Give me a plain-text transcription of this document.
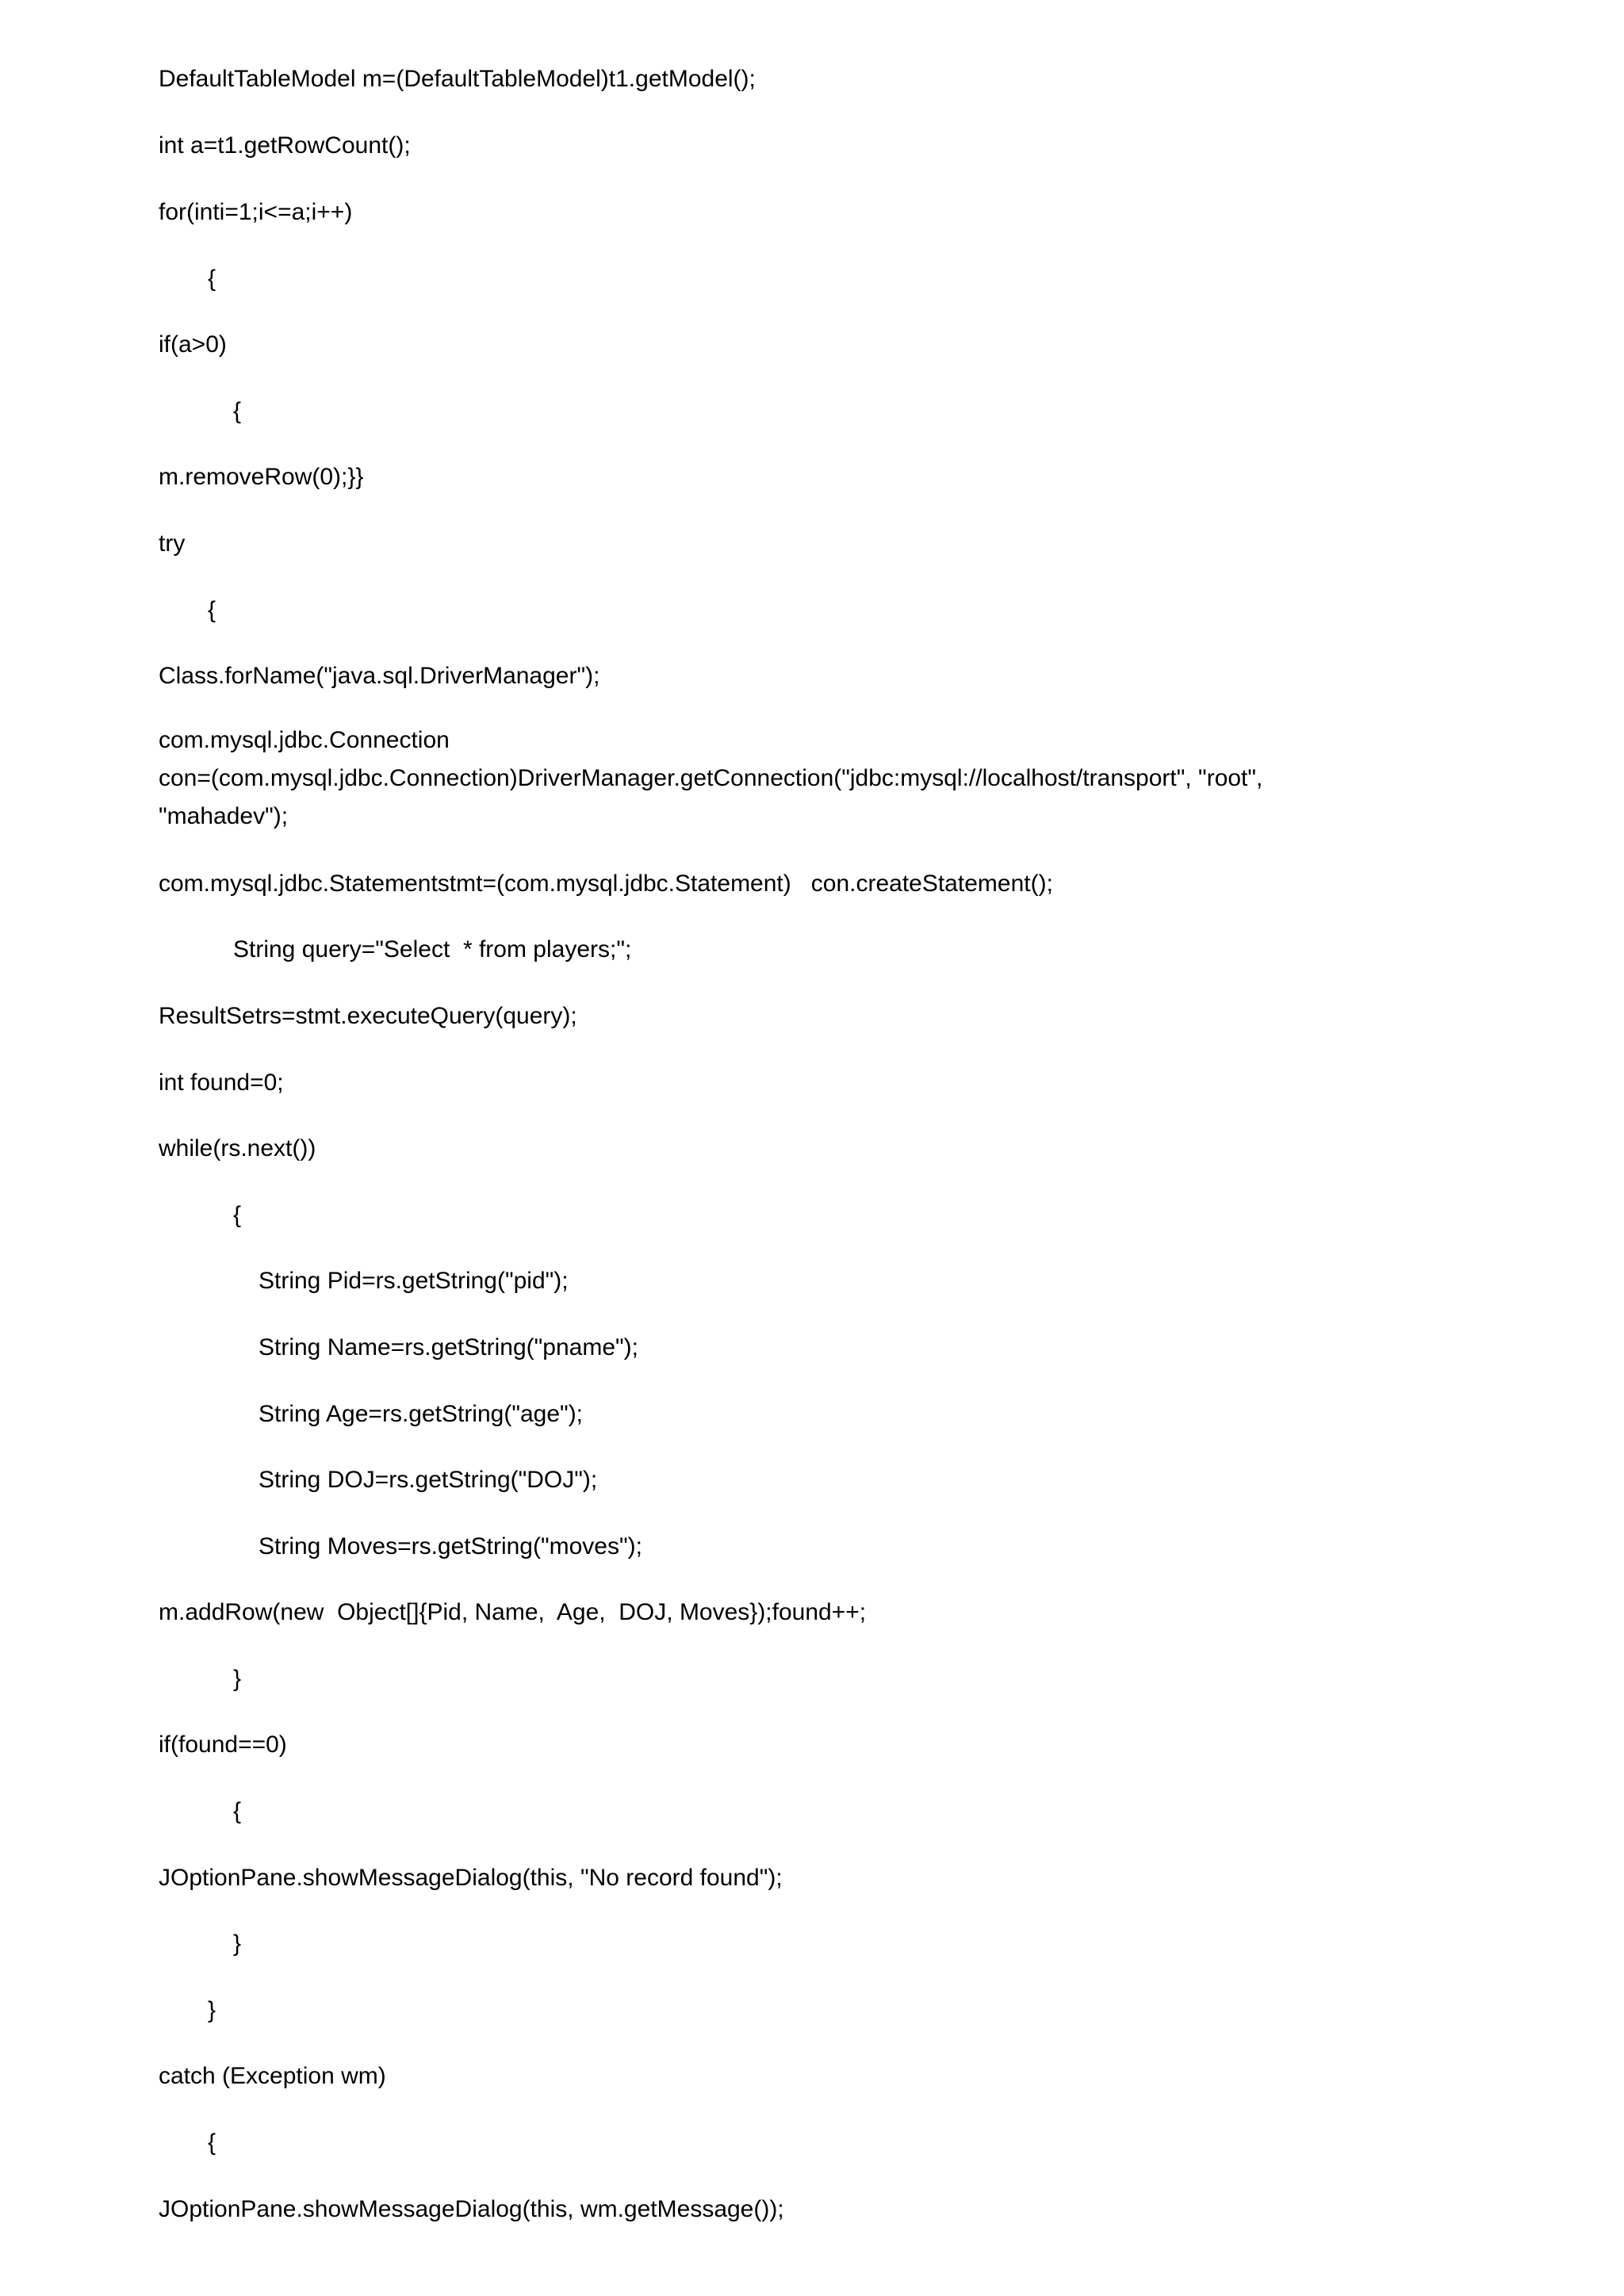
DefaultTableModel m=(DefaultTableModel)t1.getModel();

int a=t1.getRowCount();

for(inti=1;i<=a;i++)

{

if(a>0)

{

m.removeRow(0);}}

try

{

Class.forName("java.sql.DriverManager");

com.mysql.jdbc.Connection

con=(com.mysql.jdbc.Connection)DriverManager.getConnection("jdbc:mysql://localhost/transport", "root",

"mahadev");

com.mysql.jdbc.Statementstmt=(com.mysql.jdbc.Statement)   con.createStatement();

String query="Select  * from players;";

ResultSetrs=stmt.executeQuery(query);

int found=0;

while(rs.next())

{

String Pid=rs.getString("pid");

String Name=rs.getString("pname");

String Age=rs.getString("age");

String DOJ=rs.getString("DOJ");

String Moves=rs.getString("moves");

m.addRow(new  Object[]{Pid, Name,  Age,  DOJ, Moves});found++;

}

if(found==0)

{

JOptionPane.showMessageDialog(this, "No record found");

}

}

catch (Exception wm)

{

JOptionPane.showMessageDialog(this, wm.getMessage());
